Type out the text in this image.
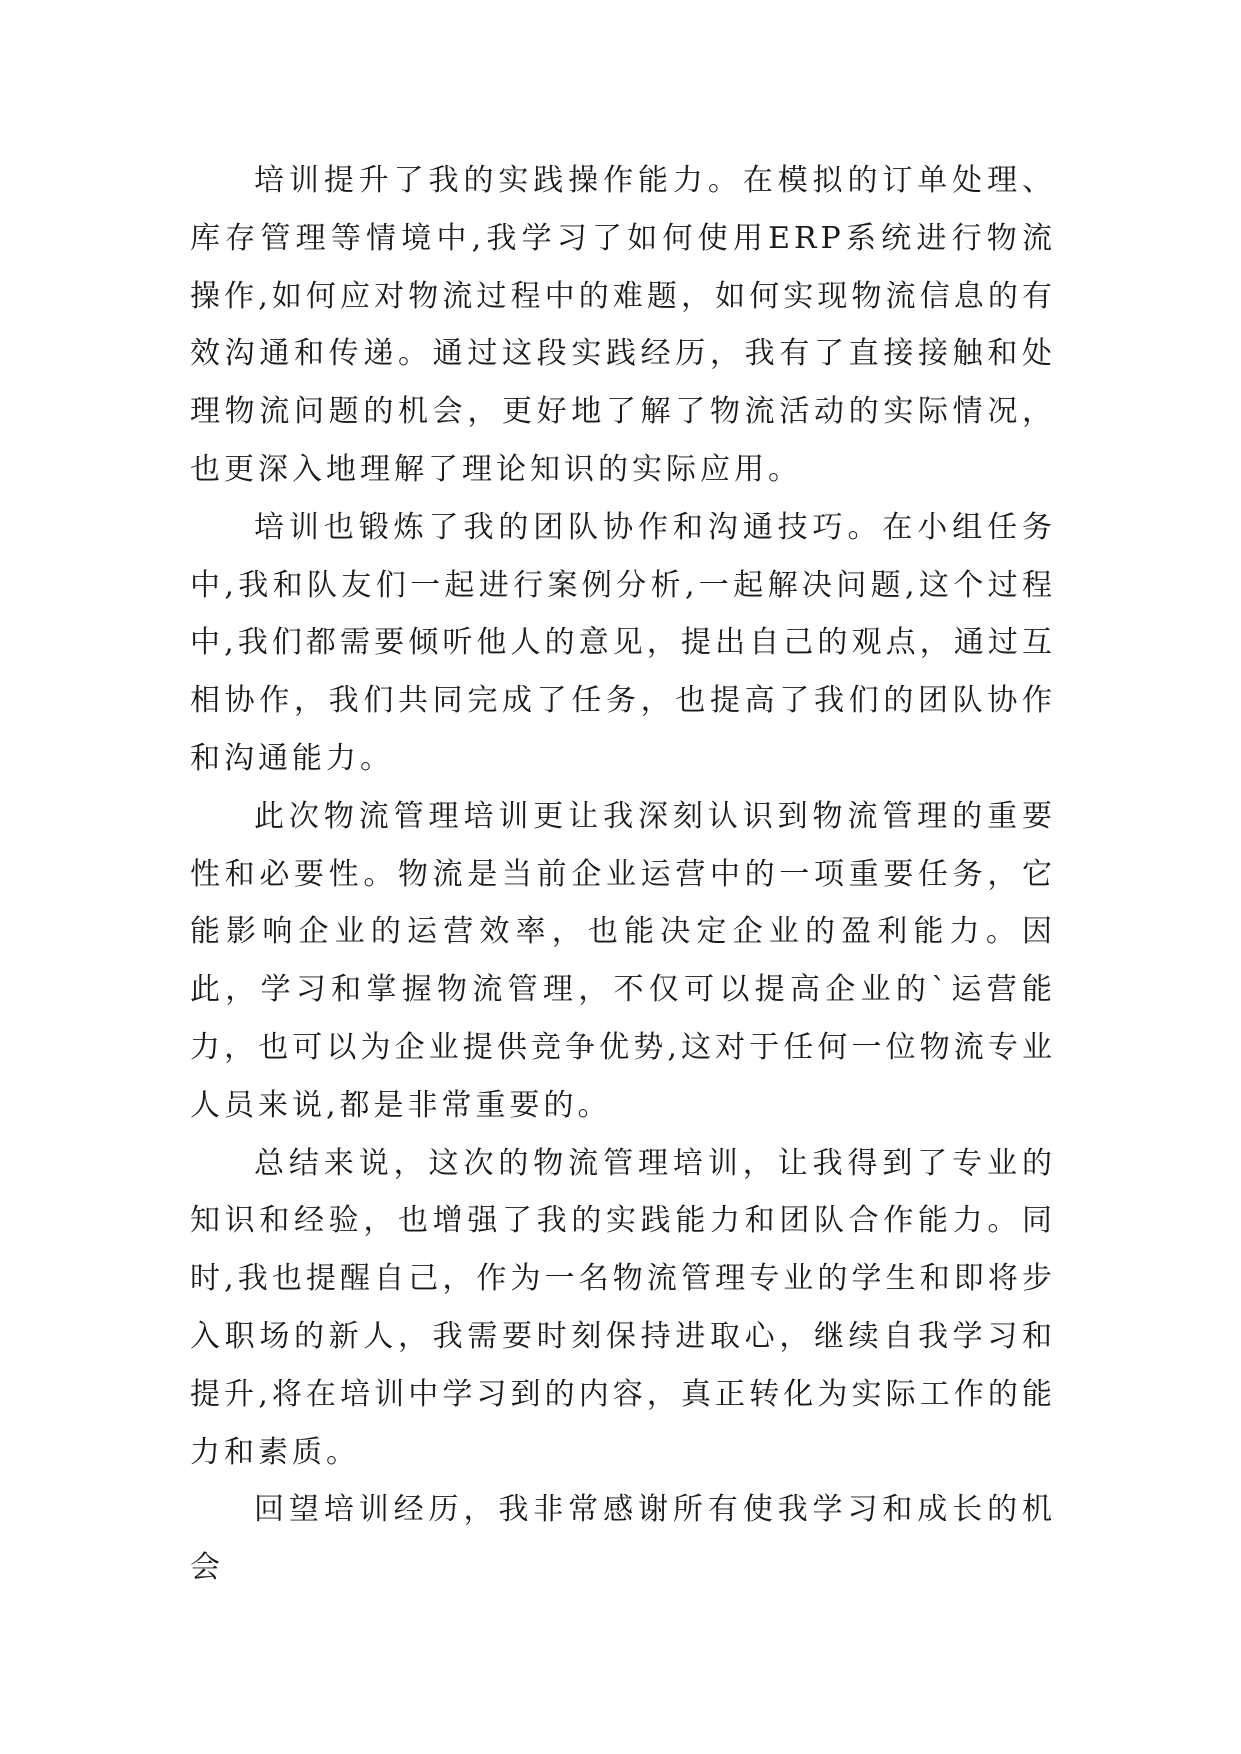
培训提升了我的实践操作能力。在模拟的订单处理、库存管理等情境中,我学习了如何使用ERP系统进行物流操作,如何应对物流过程中的难题，如何实现物流信息的有效沟通和传递。通过这段实践经历，我有了直接接触和处理物流问题的机会，更好地了解了物流活动的实际情况，也更深入地理解了理论知识的实际应用。

培训也锻炼了我的团队协作和沟通技巧。在小组任务中,我和队友们一起进行案例分析,一起解决问题,这个过程中,我们都需要倾听他人的意见，提出自己的观点，通过互相协作，我们共同完成了任务，也提高了我们的团队协作和沟通能力。

此次物流管理培训更让我深刻认识到物流管理的重要性和必要性。物流是当前企业运营中的一项重要任务，它能影响企业的运营效率，也能决定企业的盈利能力。因此，学习和掌握物流管理，不仅可以提高企业的`运营能力，也可以为企业提供竞争优势,这对于任何一位物流专业人员来说,都是非常重要的。

总结来说，这次的物流管理培训，让我得到了专业的知识和经验，也增强了我的实践能力和团队合作能力。同时,我也提醒自己，作为一名物流管理专业的学生和即将步入职场的新人，我需要时刻保持进取心，继续自我学习和提升,将在培训中学习到的内容，真正转化为实际工作的能力和素质。

回望培训经历，我非常感谢所有使我学习和成长的机会
